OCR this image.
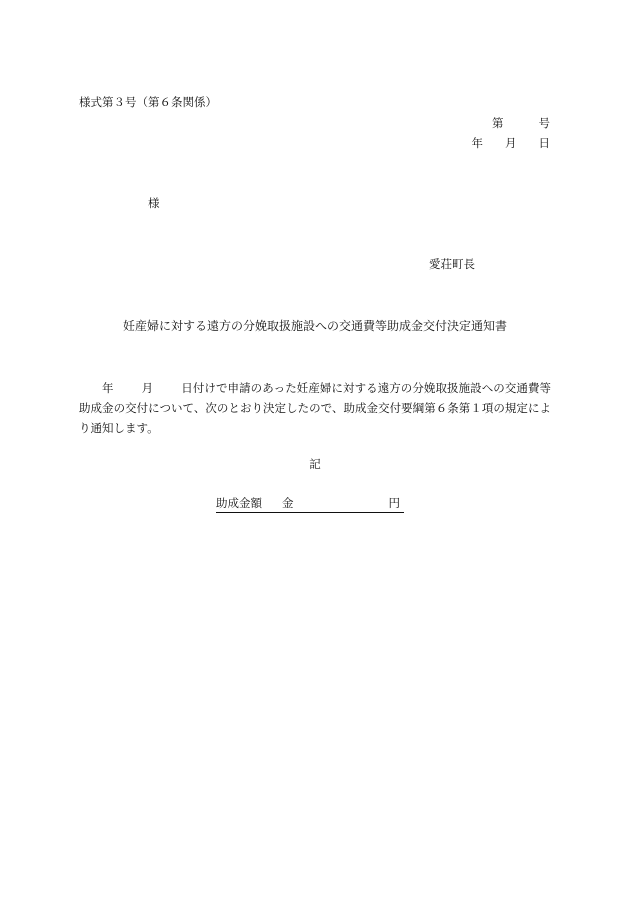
様式第３号（第６条関係）
第	号
年 月 日
様
愛荘町長
妊産婦に対する遠方の分娩取扱施設への交通費等助成金交付決定通知書
年 月 日付けで申請のあった妊産婦に対する遠方の分娩取扱施設への交通費等助成金の交付について、次のとおり決定したので、助成金交付要綱第６条第１項の規定により通知します。
記
助成金額 金	円
